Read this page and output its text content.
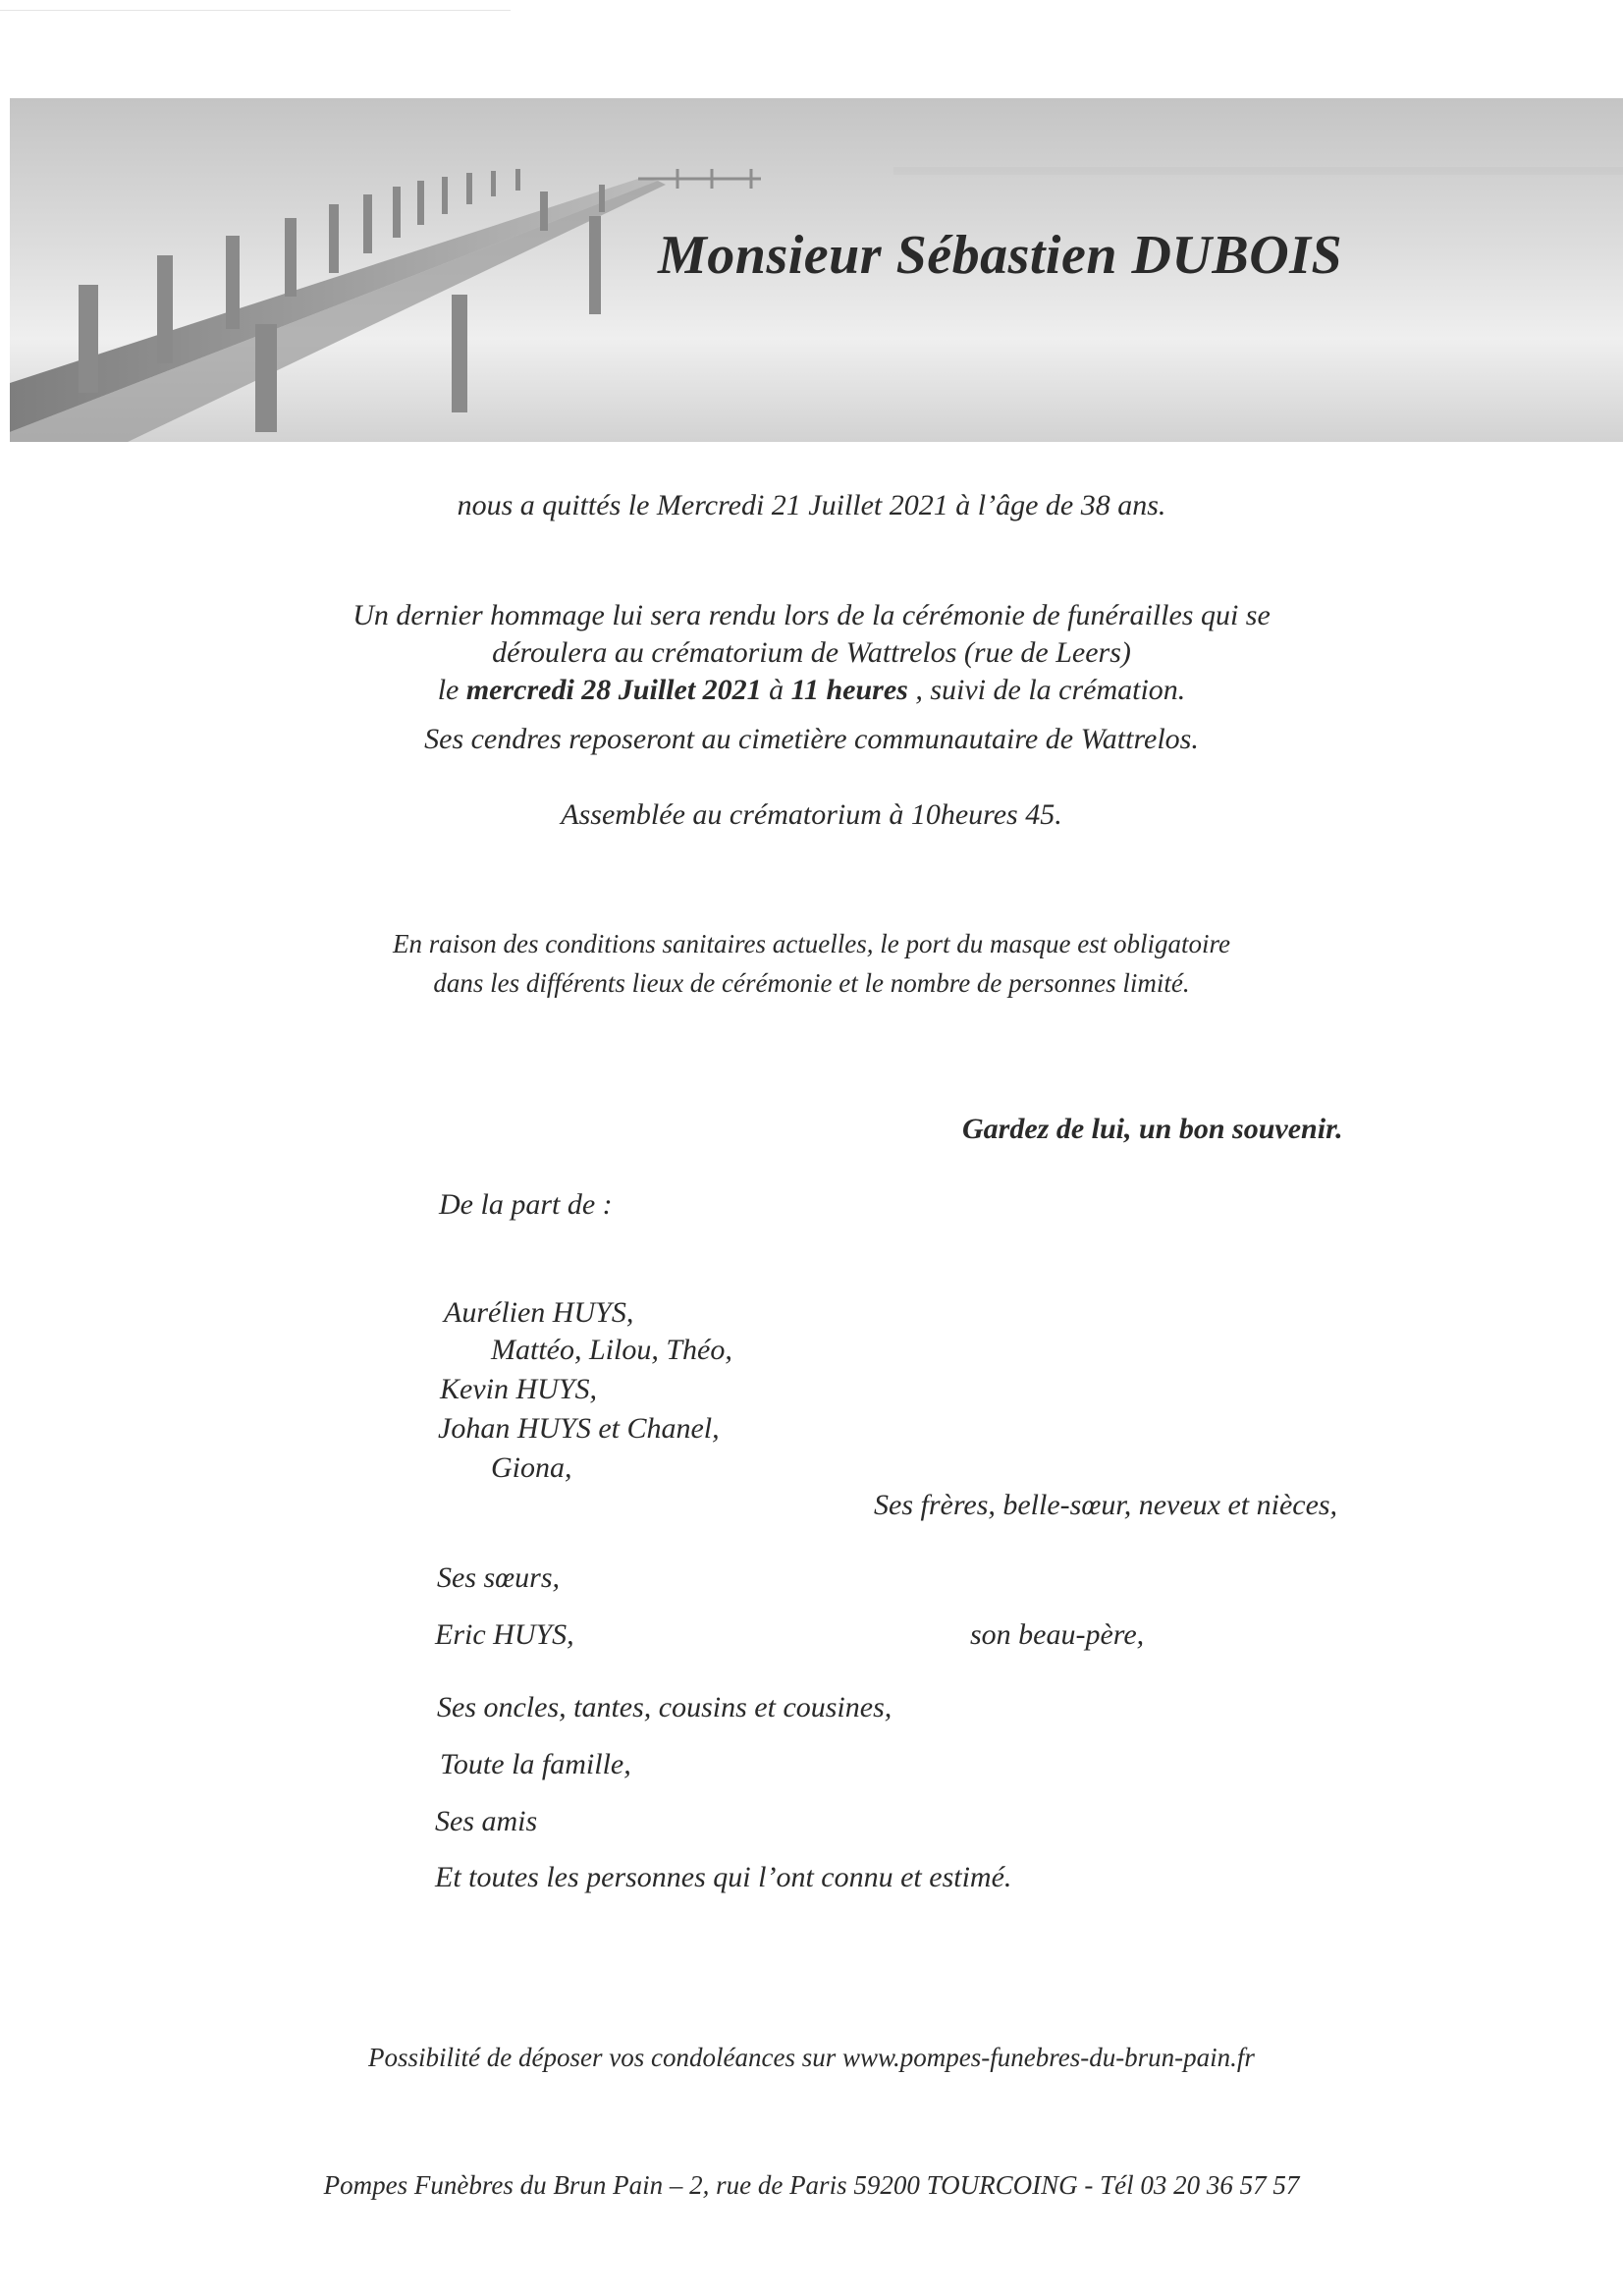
Monsieur Sébastien DUBOIS
nous a quittés le Mercredi 21 Juillet 2021 à l’âge de 38 ans.
Un dernier hommage lui sera rendu lors de la cérémonie de funérailles qui se
déroulera au crématorium de Wattrelos (rue de Leers)
le mercredi 28 Juillet 2021 à 11 heures , suivi de la crémation.
Ses cendres reposeront au cimetière communautaire de Wattrelos.
Assemblée au crématorium à 10heures 45.
En raison des conditions sanitaires actuelles, le port du masque est obligatoire
dans les différents lieux de cérémonie et le nombre de personnes limité.
Gardez de lui, un bon souvenir.
De la part de :
Aurélien HUYS,
Mattéo, Lilou, Théo,
Kevin HUYS,
Johan HUYS et Chanel,
Giona,
Ses frères, belle-sœur, neveux et nièces,
Ses sœurs,
Eric HUYS,	son beau-père,
Ses oncles, tantes, cousins et cousines,
Toute la famille,
Ses amis
Et toutes les personnes qui l’ont connu et estimé.
Possibilité de déposer vos condoléances sur www.pompes-funebres-du-brun-pain.fr
Pompes Funèbres du Brun Pain – 2, rue de Paris 59200 TOURCOING - Tél 03 20 36 57 57
